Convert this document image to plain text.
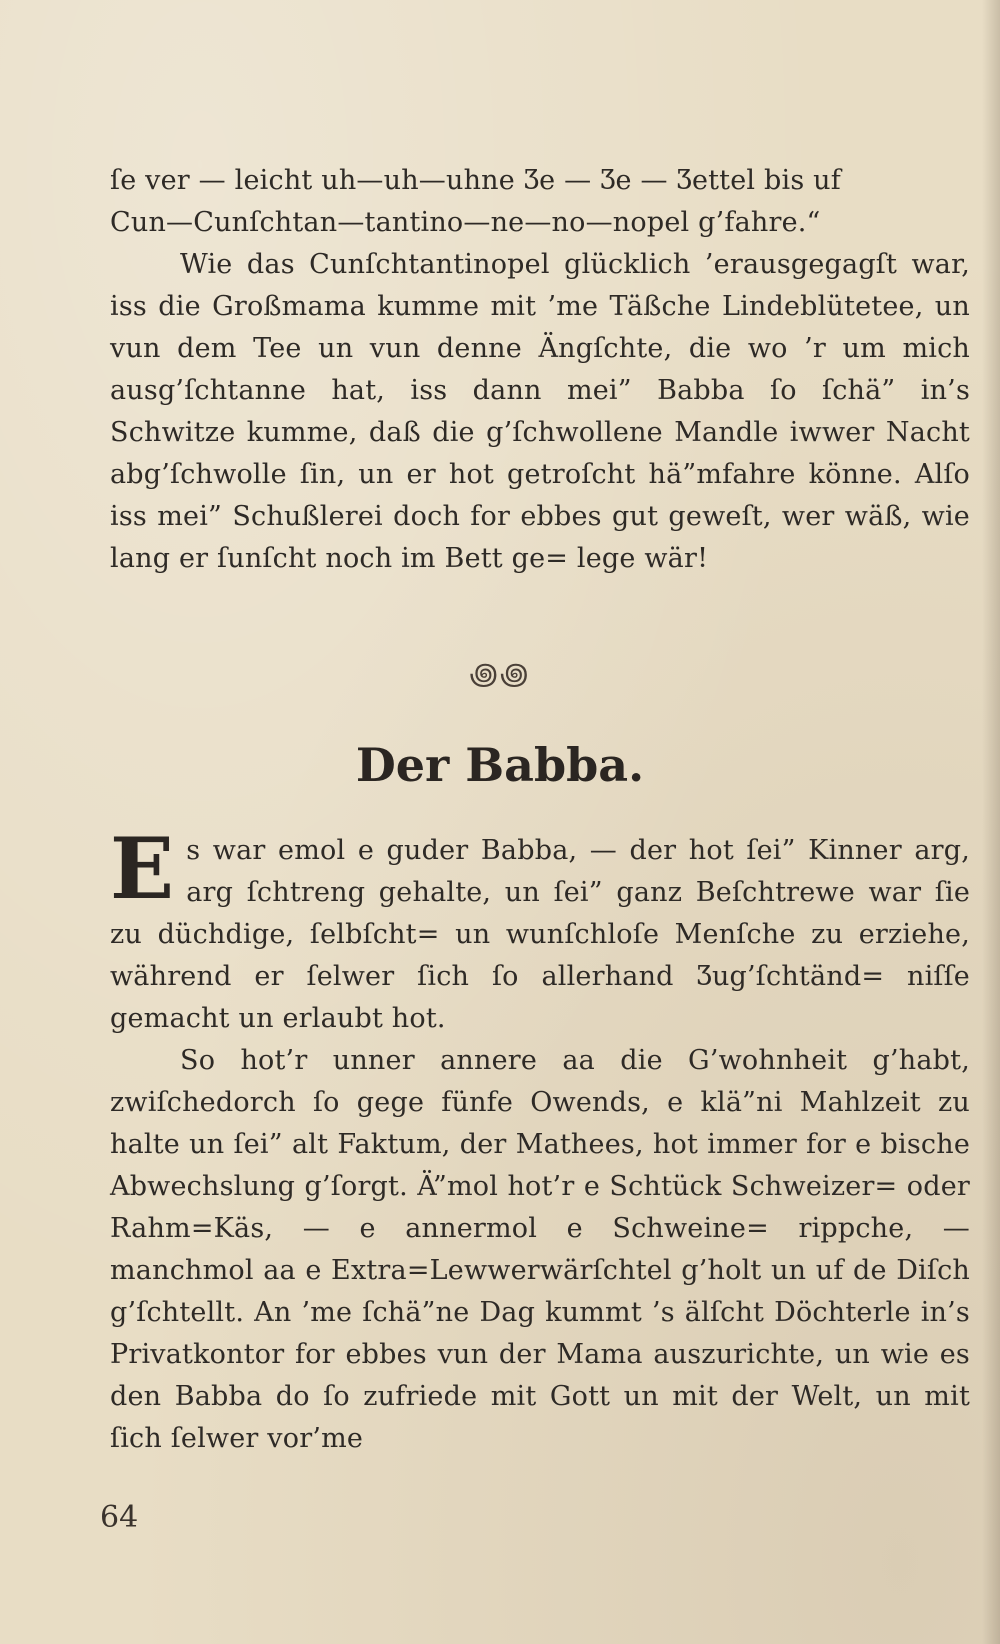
ſe ver — leicht uh—uh—uhne Ʒe — Ʒe — Ʒettel bis uf
Cun—Cunſchtan—tantino—ne—no—nopel g’fahre.“

Wie das Cunſchtantinopel glücklich ’erausgegagſt war, iss die Großmama kumme mit ’me Täßche Lindeblütetee, un vun dem Tee un vun denne Ängſchte, die wo ’r um mich ausg’ſchtanne hat, iss dann mei” Babba ſo ſchä” in’s Schwitze kumme, daß die g’ſchwollene Mandle iwwer Nacht abg’ſchwolle ſin, un er hot getroſcht hä”mfahre könne. Alſo iss mei” Schußlerei doch for ebbes gut geweſt, wer wäß, wie lang er ſunſcht noch im Bett ge= lege wär!

꩜꩜
Der Babba.

Es war emol e guder Babba, — der hot ſei” Kinner arg, arg ſchtreng gehalte, un ſei” ganz Beſchtrewe war ſie zu düchdige, ſelbſcht= un wunſchloſe Menſche zu erziehe, während er ſelwer ſich ſo allerhand Ʒug’ſchtänd= niſſe gemacht un erlaubt hot.

So hot’r unner annere aa die G’wohnheit g’habt, zwiſchedorch ſo gege fünfe Owends, e klä”ni Mahlzeit zu halte un ſei” alt Faktum, der Mathees, hot immer for e bische Abwechslung g’ſorgt. Ä”mol hot’r e Schtück Schweizer= oder Rahm=Käs, — e annermol e Schweine= rippche, — manchmol aa e Extra=Lewwerwärſchtel g’holt un uf de Diſch g’ſchtellt. An ’me ſchä”ne Dag kummt ’s älſcht Döchterle in’s Privatkontor for ebbes vun der Mama auszurichte, un wie es den Babba do ſo zufriede mit Gott un mit der Welt, un mit ſich ſelwer vor’me

64
